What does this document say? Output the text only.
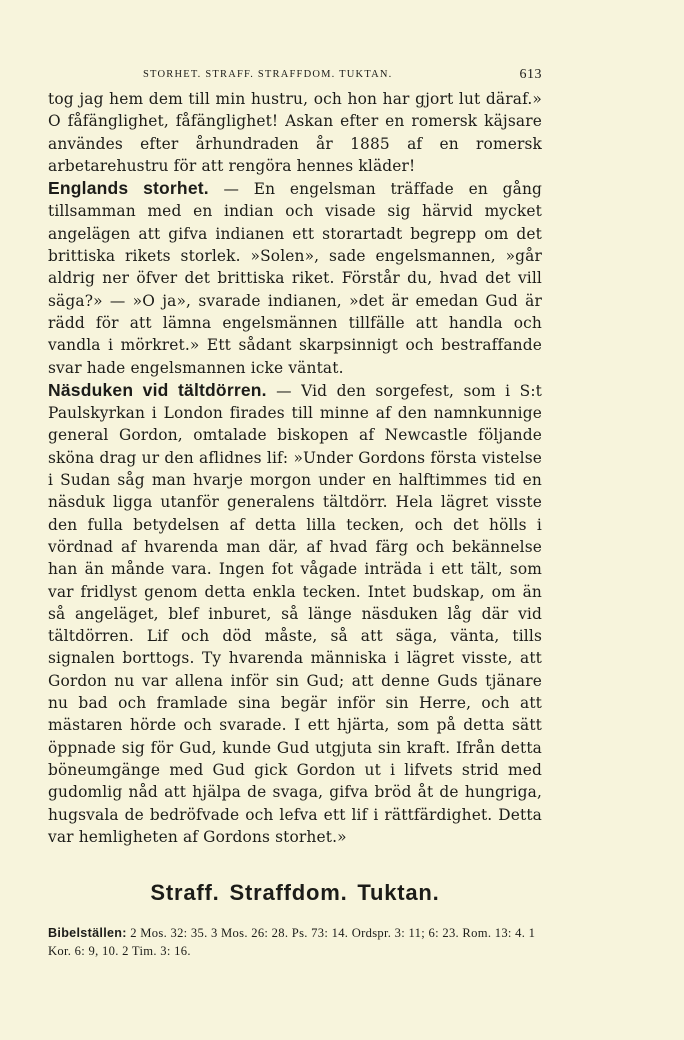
STORHET. STRAFF. STRAFFDOM. TUKTAN.	613

tog jag hem dem till min hustru, och hon har gjort lut däraf.» O fåfänglighet, fåfänglighet! Askan efter en romersk käjsare användes efter århundraden år 1885 af en romersk arbetarehustru för att rengöra hennes kläder!

Englands storhet. — En engelsman träffade en gång tillsamman med en indian och visade sig härvid mycket angelägen att gifva indianen ett storartadt begrepp om det brittiska rikets storlek. »Solen», sade engelsmannen, »går aldrig ner öfver det brittiska riket. Förstår du, hvad det vill säga?» — »O ja», svarade indianen, »det är emedan Gud är rädd för att lämna engelsmännen tillfälle att handla och vandla i mörkret.» Ett sådant skarpsinnigt och bestraffande svar hade engelsmannen icke väntat.

Näsduken vid tältdörren. — Vid den sorgefest, som i S:t Paulskyrkan i London firades till minne af den namnkunnige general Gordon, omtalade biskopen af Newcastle följande sköna drag ur den aflidnes lif: »Under Gordons första vistelse i Sudan såg man hvarje morgon under en halftimmes tid en näsduk ligga utanför generalens tältdörr. Hela lägret visste den fulla betydelsen af detta lilla tecken, och det hölls i vördnad af hvarenda man där, af hvad färg och bekännelse han än månde vara. Ingen fot vågade inträda i ett tält, som var fridlyst genom detta enkla tecken. Intet budskap, om än så angeläget, blef inburet, så länge näsduken låg där vid tältdörren. Lif och död måste, så att säga, vänta, tills signalen borttogs. Ty hvarenda människa i lägret visste, att Gordon nu var allena inför sin Gud; att denne Guds tjänare nu bad och framlade sina begär inför sin Herre, och att mästaren hörde och svarade. I ett hjärta, som på detta sätt öppnade sig för Gud, kunde Gud utgjuta sin kraft. Ifrån detta böneumgänge med Gud gick Gordon ut i lifvets strid med gudomlig nåd att hjälpa de svaga, gifva bröd åt de hungriga, hugsvala de bedröfvade och lefva ett lif i rättfärdighet. Detta var hemligheten af Gordons storhet.»

Straff. Straffdom. Tuktan.
Bibelställen: 2 Mos. 32: 35. 3 Mos. 26: 28. Ps. 73: 14. Ordspr. 3: 11; 6: 23. Rom. 13: 4. 1 Kor. 6: 9, 10. 2 Tim. 3: 16.
